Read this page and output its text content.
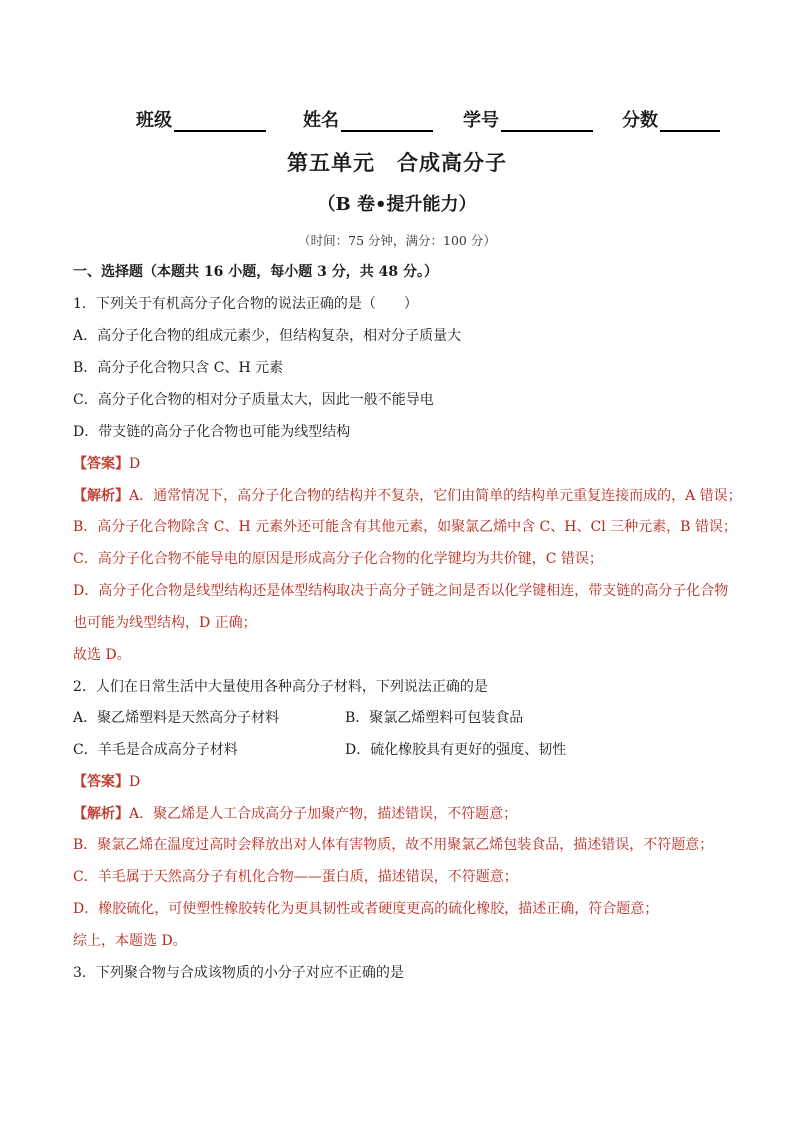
班级	姓名	学号	分数
第五单元 合成高分子
（B 卷•提升能力）
（时间：75 分钟，满分：100 分）
一、选择题（本题共 16 小题，每小题 3 分，共 48 分。）
1．下列关于有机高分子化合物的说法正确的是（　　）
A．高分子化合物的组成元素少，但结构复杂，相对分子质量大
B．高分子化合物只含 C、H 元素
C．高分子化合物的相对分子质量太大，因此一般不能导电
D．带支链的高分子化合物也可能为线型结构
【答案】D
【解析】A．通常情况下，高分子化合物的结构并不复杂，它们由简单的结构单元重复连接而成的，A 错误；
B．高分子化合物除含 C、H 元素外还可能含有其他元素，如聚氯乙烯中含 C、H、Cl 三种元素，B 错误；
C．高分子化合物不能导电的原因是形成高分子化合物的化学键均为共价键，C 错误；
D．高分子化合物是线型结构还是体型结构取决于高分子链之间是否以化学键相连，带支链的高分子化合物
也可能为线型结构，D 正确；
故选 D。
2．人们在日常生活中大量使用各种高分子材料，下列说法正确的是
A．聚乙烯塑料是天然高分子材料	B．聚氯乙烯塑料可包装食品
C．羊毛是合成高分子材料	D．硫化橡胶具有更好的强度、韧性
【答案】D
【解析】A．聚乙烯是人工合成高分子加聚产物，描述错误，不符题意；
B．聚氯乙烯在温度过高时会释放出对人体有害物质，故不用聚氯乙烯包装食品，描述错误，不符题意；
C．羊毛属于天然高分子有机化合物——蛋白质，描述错误，不符题意；
D．橡胶硫化，可使塑性橡胶转化为更具韧性或者硬度更高的硫化橡胶，描述正确，符合题意；
综上，本题选 D。
3．下列聚合物与合成该物质的小分子对应不正确的是
